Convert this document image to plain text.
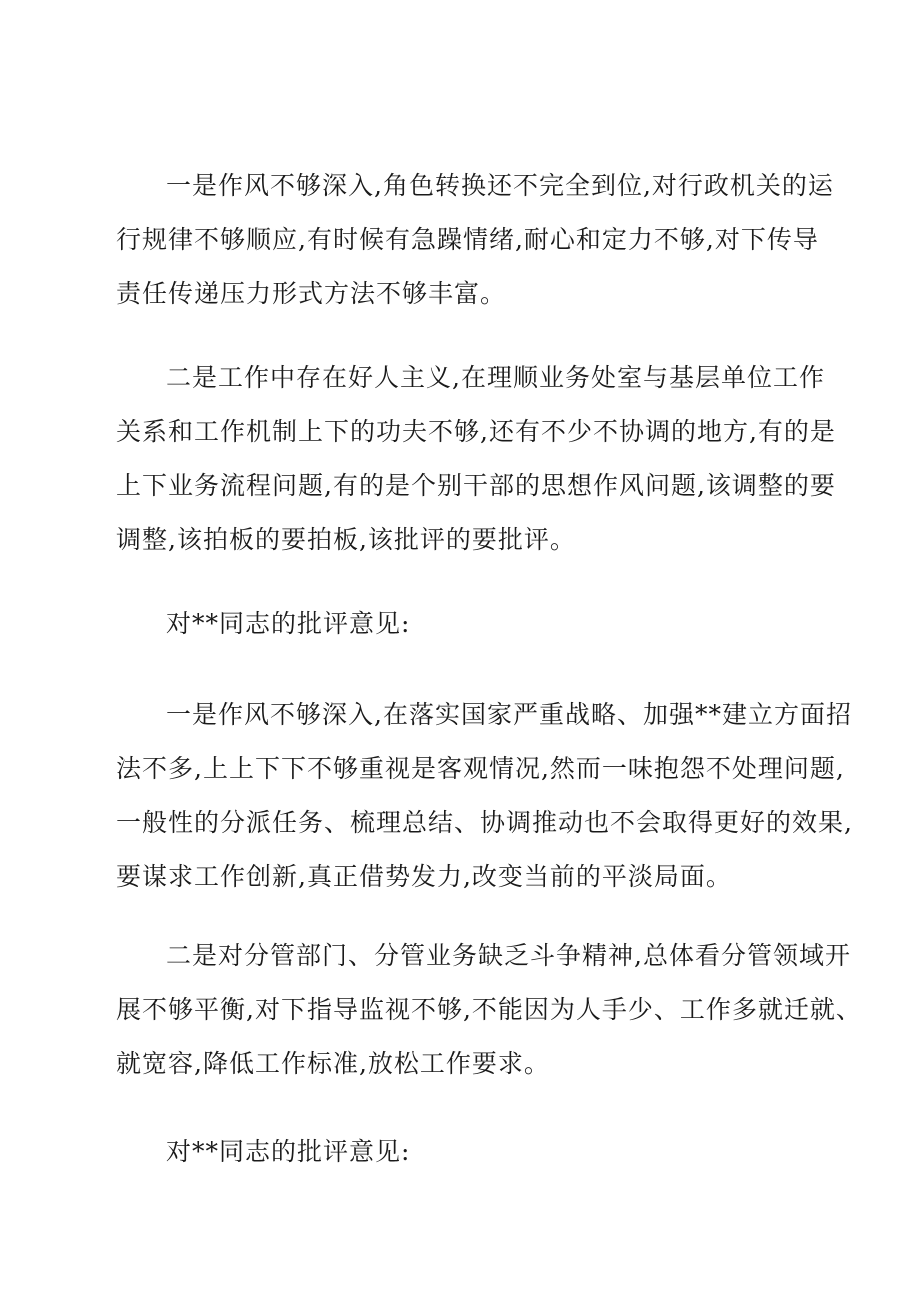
一是作风不够深入,角色转换还不完全到位,对行政机关的运
行规律不够顺应,有时候有急躁情绪,耐心和定力不够,对下传导
责任传递压力形式方法不够丰富。

二是工作中存在好人主义,在理顺业务处室与基层单位工作
关系和工作机制上下的功夫不够,还有不少不协调的地方,有的是
上下业务流程问题,有的是个别干部的思想作风问题,该调整的要
调整,该拍板的要拍板,该批评的要批评。

对**同志的批评意见:

一是作风不够深入,在落实国家严重战略、加强**建立方面招
法不多,上上下下不够重视是客观情况,然而一味抱怨不处理问题,
一般性的分派任务、梳理总结、协调推动也不会取得更好的效果,
要谋求工作创新,真正借势发力,改变当前的平淡局面。

二是对分管部门、分管业务缺乏斗争精神,总体看分管领域开
展不够平衡,对下指导监视不够,不能因为人手少、工作多就迁就、
就宽容,降低工作标准,放松工作要求。

对**同志的批评意见:
